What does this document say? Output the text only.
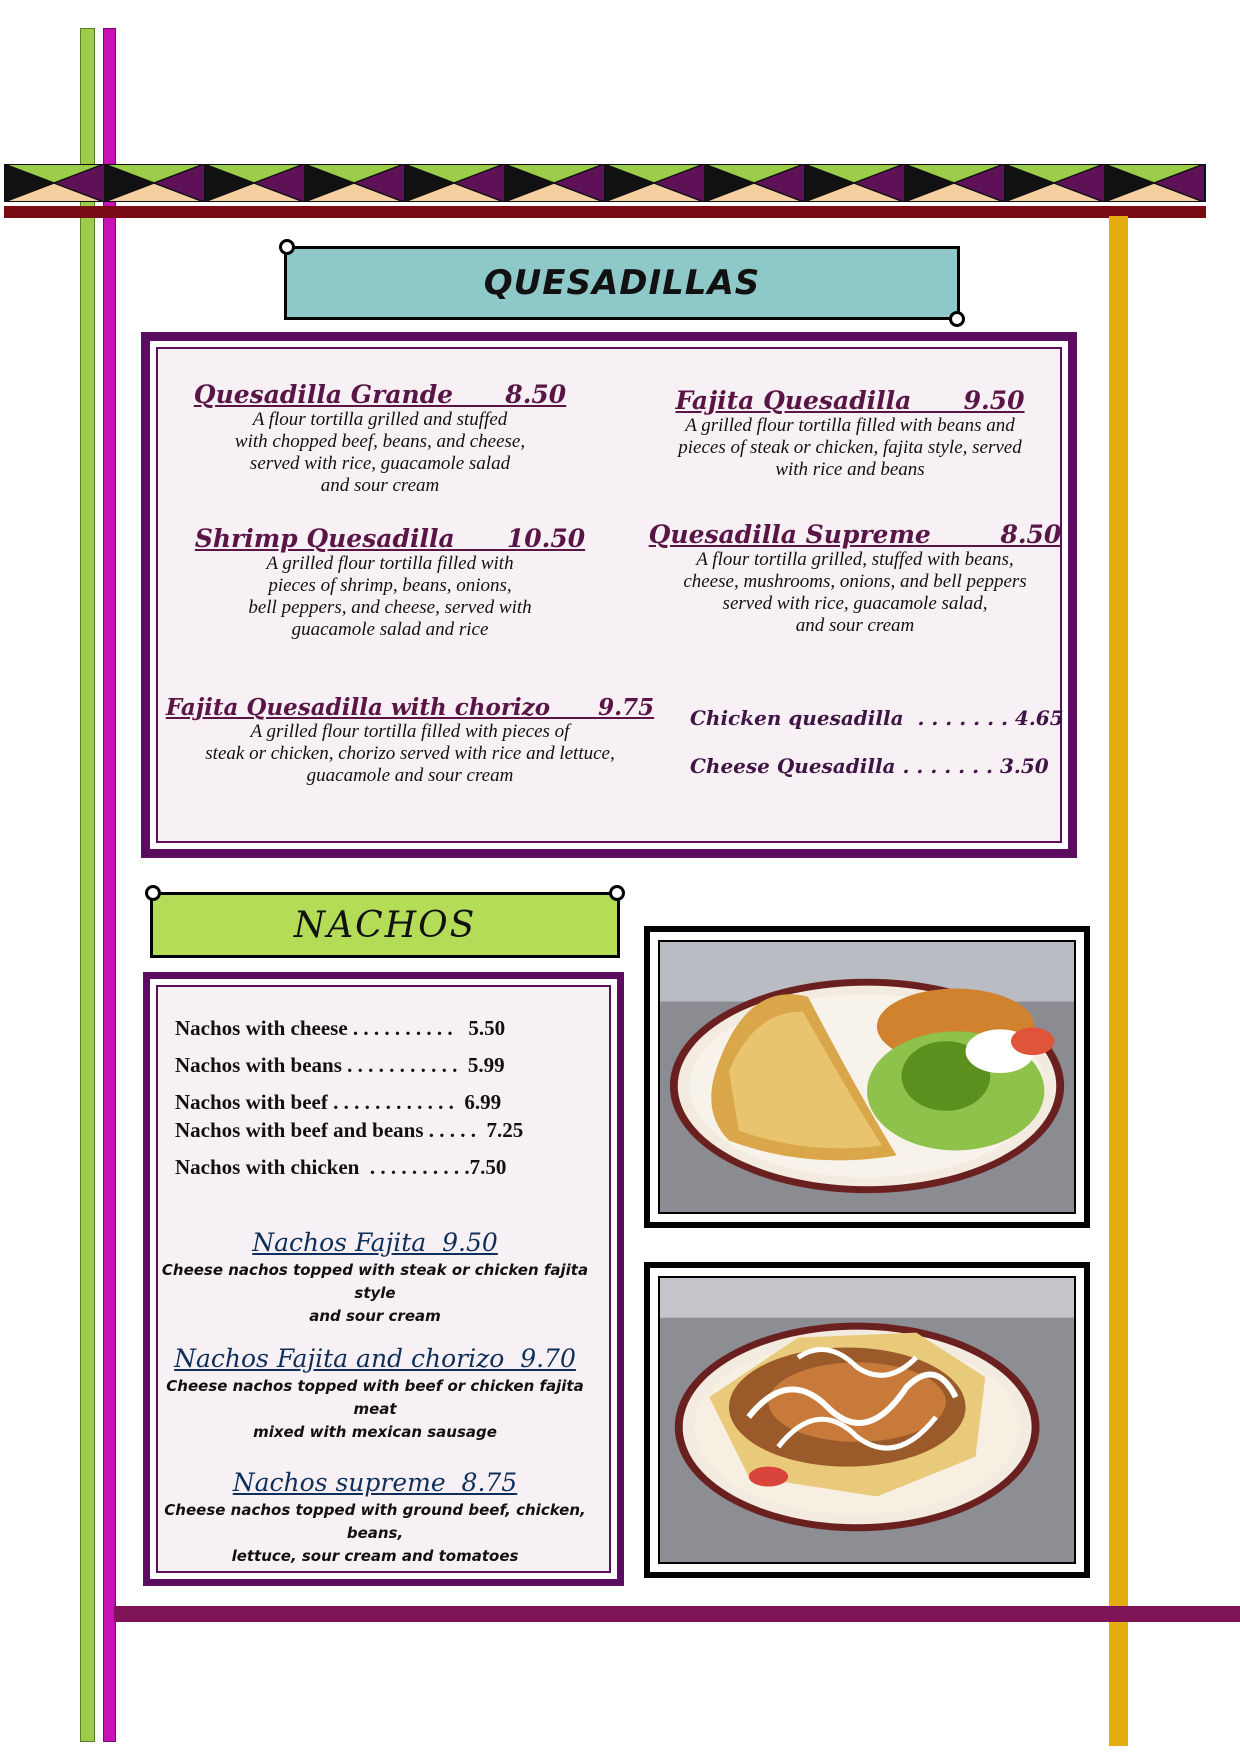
QUESADILLAS
Quesadilla Grande      8.50
A flour tortilla grilled and stuffed
with chopped beef, beans, and cheese,
served with rice, guacamole salad
and sour cream
Fajita Quesadilla      9.50
A grilled flour tortilla filled with beans and
pieces of steak or chicken, fajita style, served
with rice and beans
Shrimp Quesadilla      10.50
A grilled flour tortilla filled with
pieces of shrimp, beans, onions,
bell peppers, and cheese, served with
guacamole salad and rice
Quesadilla Supreme        8.50
A flour tortilla grilled, stuffed with beans,
cheese, mushrooms, onions, and bell peppers
served with rice, guacamole salad,
and sour cream
Fajita Quesadilla with chorizo      9.75
A grilled flour tortilla filled with pieces of
steak or chicken, chorizo served with rice and lettuce,
guacamole and sour cream
Chicken quesadilla  . . . . . . . 4.65
Cheese Quesadilla . . . . . . . 3.50
NACHOS
Nachos with cheese . . . . . . . . . .   5.50
Nachos with beans . . . . . . . . . . .  5.99
Nachos with beef . . . . . . . . . . . .  6.99
Nachos with beef and beans . . . . .  7.25
Nachos with chicken  . . . . . . . . . .7.50
Nachos Fajita  9.50
Cheese nachos topped with steak or chicken fajita style
and sour cream
Nachos Fajita and chorizo  9.70
Cheese nachos topped with beef or chicken fajita meat
mixed with mexican sausage
Nachos supreme  8.75
Cheese nachos topped with ground beef, chicken, beans,
lettuce, sour cream and tomatoes
